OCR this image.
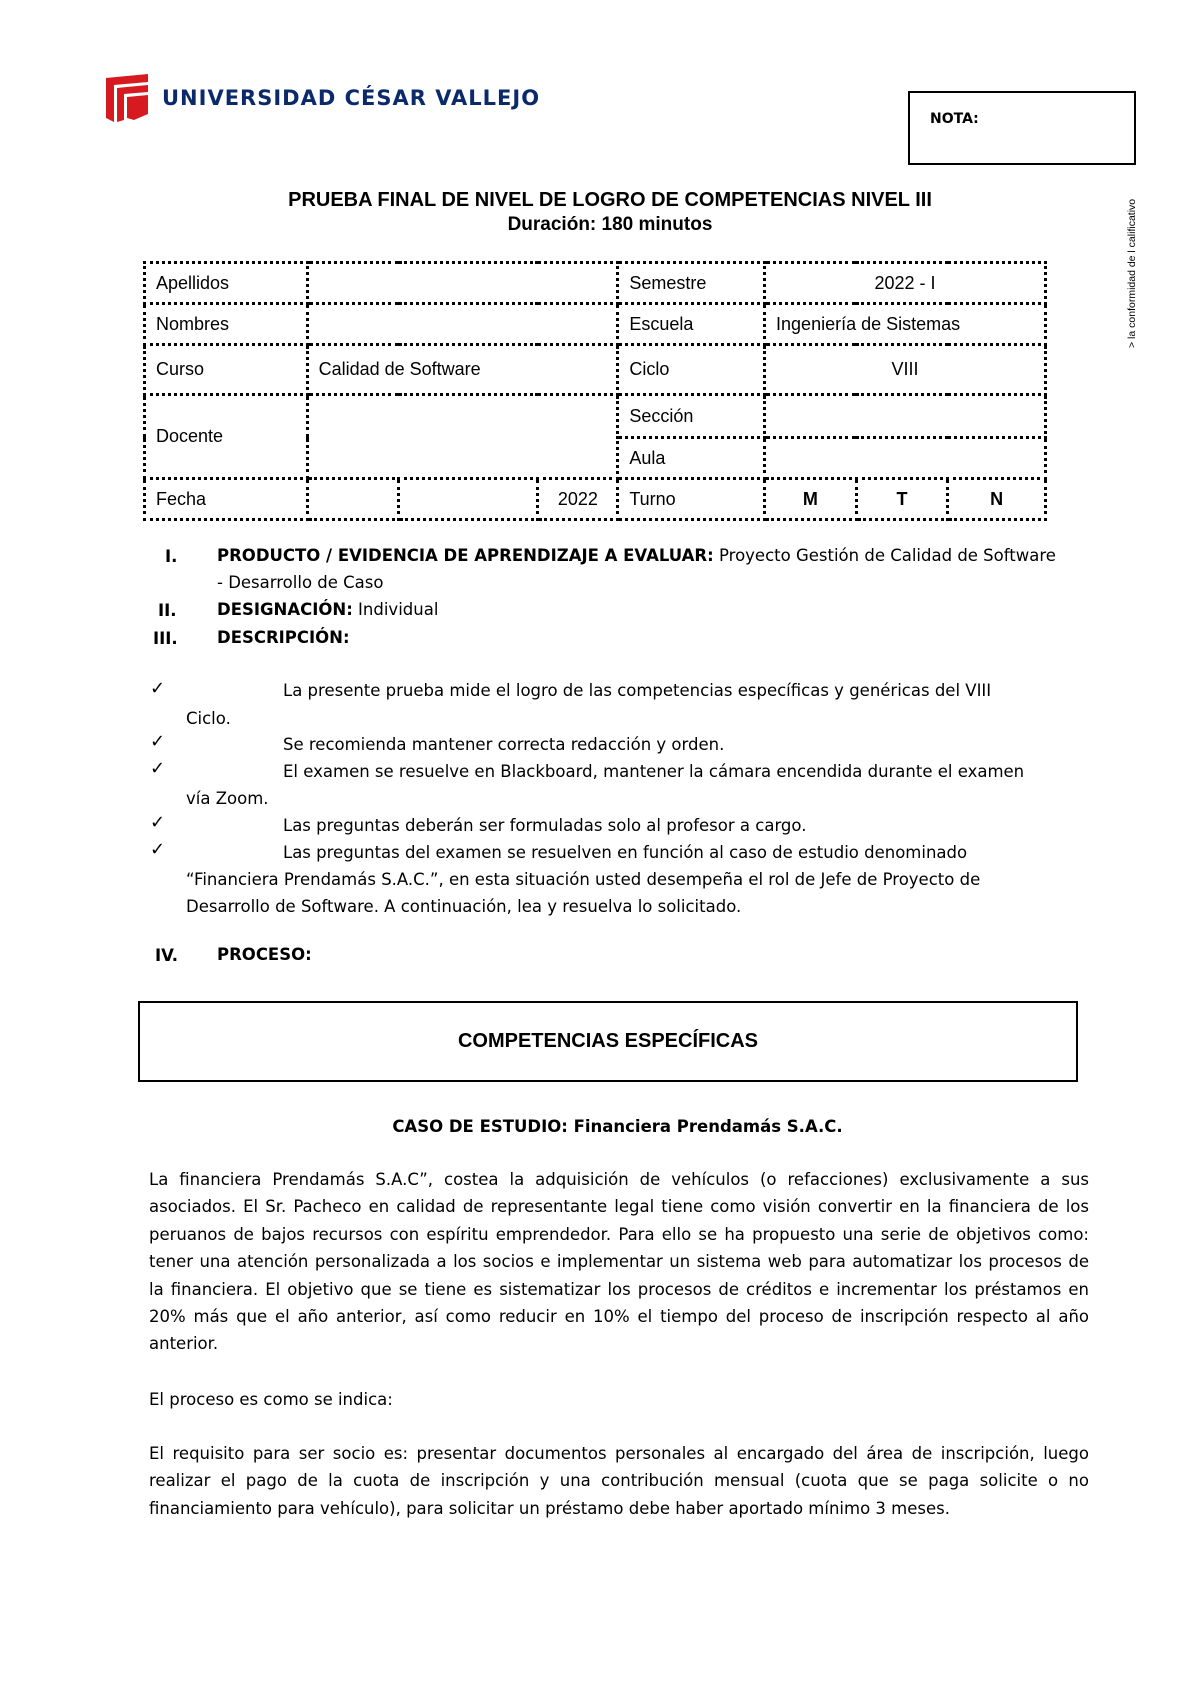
UNIVERSIDAD CÉSAR VALLEJO
NOTA:
> la conformidad de l calificativo
PRUEBA FINAL DE NIVEL DE LOGRO DE COMPETENCIAS NIVEL III
Duración: 180 minutos
Apellidos				Semestre	2022 - I		
Nombres				Escuela	Ingeniería de Sistemas		
Curso	Calidad de Software			Ciclo	VIII		
Docente				Sección			
				Aula			
Fecha			2022	Turno	M	T	N
I. PRODUCTO / EVIDENCIA DE APRENDIZAJE A EVALUAR: Proyecto Gestión de Calidad de Software
- Desarrollo de Caso
II. DESIGNACIÓN: Individual
III. DESCRIPCIÓN:
✓	La presente prueba mide el logro de las competencias específicas y genéricas del VIII
Ciclo.
✓	Se recomienda mantener correcta redacción y orden.
✓	El examen se resuelve en Blackboard, mantener la cámara encendida durante el examen
vía Zoom.
✓	Las preguntas deberán ser formuladas solo al profesor a cargo.
✓	Las preguntas del examen se resuelven en función al caso de estudio denominado
“Financiera Prendamás S.A.C.”, en esta situación usted desempeña el rol de Jefe de Proyecto de
Desarrollo de Software. A continuación, lea y resuelva lo solicitado.
IV. PROCESO:
COMPETENCIAS ESPECÍFICAS
CASO DE ESTUDIO: Financiera Prendamás S.A.C.
La financiera Prendamás S.A.C”, costea la adquisición de vehículos (o refacciones) exclusivamente a sus asociados. El Sr. Pacheco en calidad de representante legal tiene como visión convertir en la financiera de los peruanos de bajos recursos con espíritu emprendedor. Para ello se ha propuesto una serie de objetivos como: tener una atención personalizada a los socios e implementar un sistema web para automatizar los procesos de la financiera. El objetivo que se tiene es sistematizar los procesos de créditos e incrementar los préstamos en 20% más que el año anterior, así como reducir en 10% el tiempo del proceso de inscripción respecto al año anterior.
El proceso es como se indica:
El requisito para ser socio es: presentar documentos personales al encargado del área de inscripción, luego realizar el pago de la cuota de inscripción y una contribución mensual (cuota que se paga solicite o no financiamiento para vehículo), para solicitar un préstamo debe haber aportado mínimo 3 meses.
